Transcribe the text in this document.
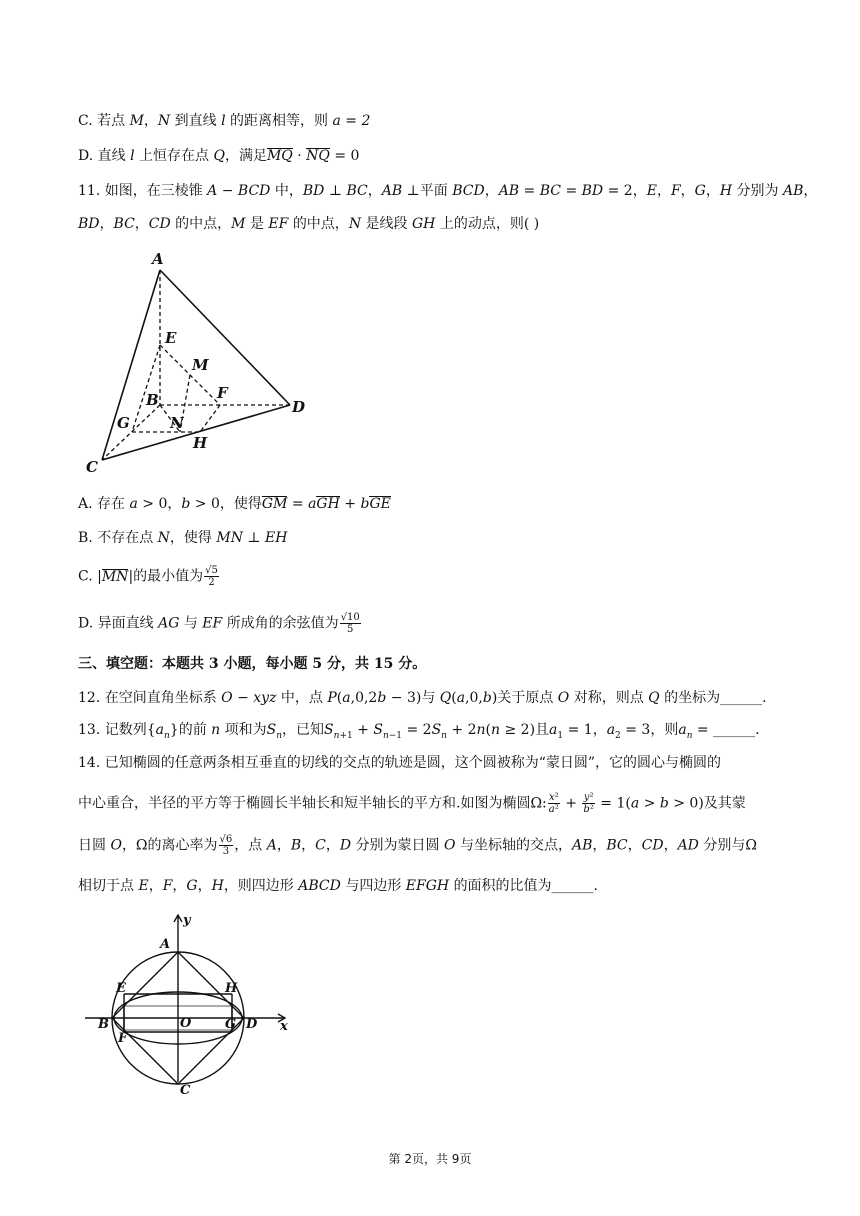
C. 若点 M，N 到直线 l 的距离相等，则 a = 2
D. 直线 l 上恒存在点 Q，满足MQ · NQ = 0
11. 如图，在三棱锥 A − BCD 中，BD ⊥ BC，AB ⊥平面 BCD，AB = BC = BD = 2，E，F，G，H 分别为 AB，
BD，BC，CD 的中点，M 是 EF 的中点，N 是线段 GH 上的动点，则( )
A
E
M
B	F
D
G	N
H
C
A. 存在 a > 0，b > 0，使得GM = aGH + bGE
B. 不存在点 N，使得 MN ⊥ EH
C. |MN|的最小值为 $\frac{√5}{2}$
D. 异面直线 AG 与 EF 所成角的余弦值为 $\frac{√10}{5}$
三、填空题：本题共 3 小题，每小题 5 分，共 15 分。
12. 在空间直角坐标系 O − xyz 中，点 P(a,0,2b − 3)与 Q(a,0,b)关于原点 O 对称，则点 Q 的坐标为______.
13. 记数列$\{a_n\}$的前 n 项和为$S_n$，已知$S_{n+1} + S_{n-1} = 2S_n + 2n(n \ge 2)$且$a_1 = 1$，$a_2 = 3$，则$a_n$ = ______.
14. 已知椭圆的任意两条相互垂直的切线的交点的轨迹是圆，这个圆被称为“蒙日圆”，它的圆心与椭圆的
中心重合，半径的平方等于椭圆长半轴长和短半轴长的平方和.如图为椭圆Ω: $\frac{\text{x²}}{\text{a²}} + \frac{\text{y²}}{\text{b²}} = 1(a > b > 0)$及其蒙
日圆 O，Ω的离心率为 $\frac{√6}{3}$ ，点 A，B，C，D 分别为蒙日圆 O 与坐标轴的交点，AB，BC，CD，AD 分别与Ω
相切于点 E，F，G，H，则四边形 ABCD 与四边形 EFGH 的面积的比值为______.
A
E	H
B
F
O	G D
C
y
x
第 2页，共 9页
